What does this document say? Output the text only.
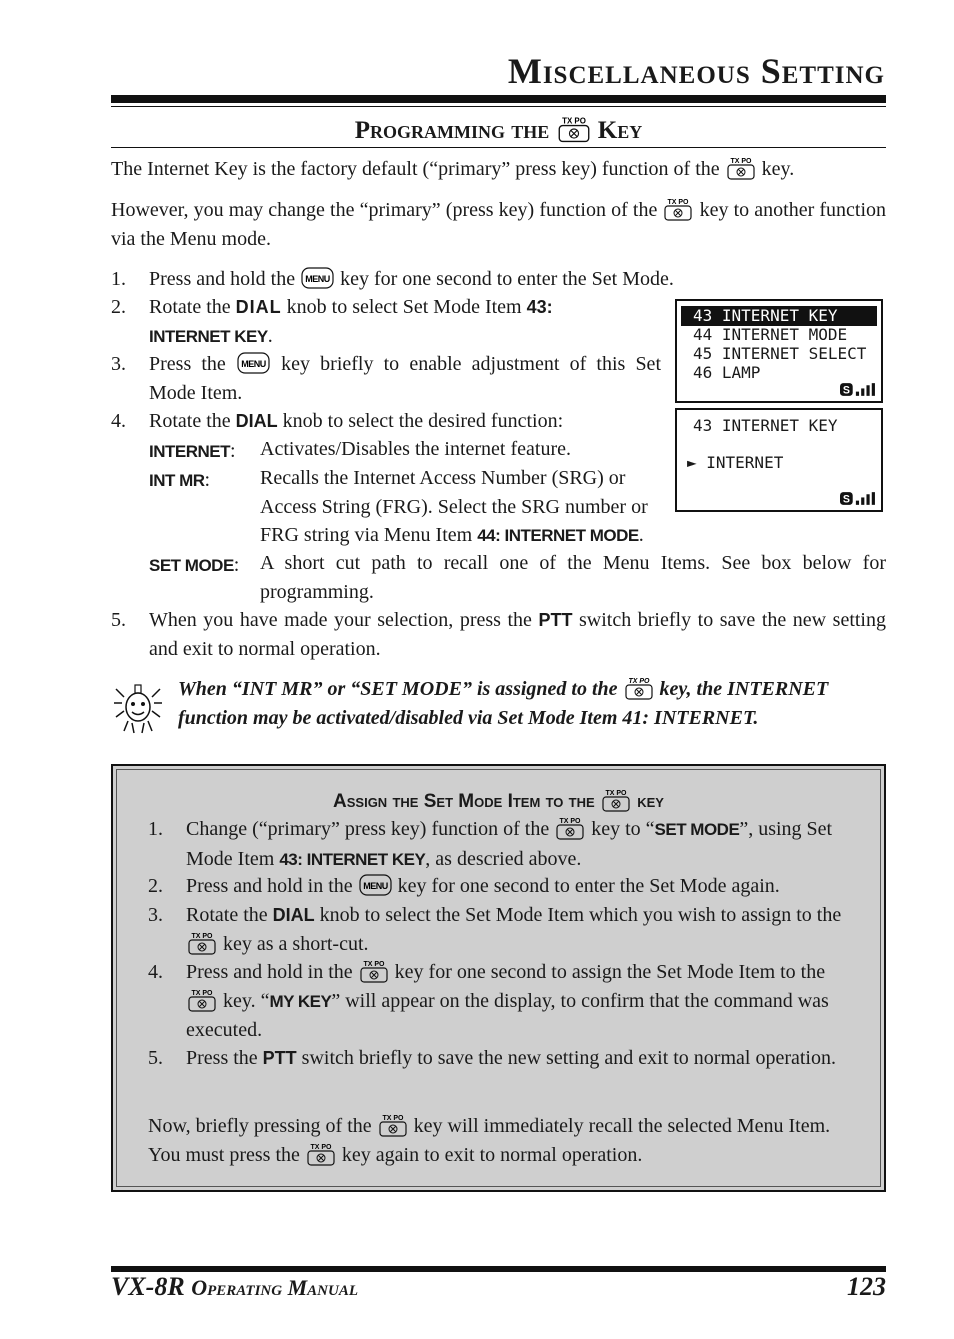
Miscellaneous Setting
Programming the Key
The Internet Key is the factory default (“primary” press key) function of the key.
However, you may change the “primary” (press key) function of the key to another function via the Menu mode.
1. Press and hold the key for one second to enter the Set Mode.
2. Rotate the DIAL knob to select Set Mode Item 43:
INTERNET KEY.
3. Press the	key briefly to enable adjustment of this Set Mode Item.
4. Rotate the DIAL knob to select the desired function:
INTERNET: Activates/Disables the internet feature.
INT MR:	Recalls the Internet Access Number (SRG) or Access String (FRG). Select the SRG number or FRG string via Menu Item 44: INTERNET MODE.
SET MODE: A short cut path to recall one of the Menu Items. See box below for programming.
5. When you have made your selection, press the PTT switch briefly to save the new setting and exit to normal operation.
43 INTERNET KEY
44 INTERNET MODE
45 INTERNET SELECT
46 LAMP
43 INTERNET KEY
► INTERNET
When “INT MR” or “SET MODE” is assigned to the key, the INTERNET function may be activated/disabled via Set Mode Item 41: INTERNET.
Assign the Set Mode Item to the key
1. Change (“primary” press key) function of the key to “SET MODE”, using Set Mode Item 43: INTERNET KEY, as descried above.
2. Press and hold in the key for one second to enter the Set Mode again.
3. Rotate the DIAL knob to select the Set Mode Item which you wish to assign to the  key as a short-cut.
4. Press and hold in the key for one second to assign the Set Mode Item to the  key. “MY KEY” will appear on the display, to confirm that the command was executed.
5. Press the PTT switch briefly to save the new setting and exit to normal operation.
Now, briefly pressing of the key will immediately recall the selected Menu Item. You must press the key again to exit to normal operation.
VX-8R Operating Manual	123
